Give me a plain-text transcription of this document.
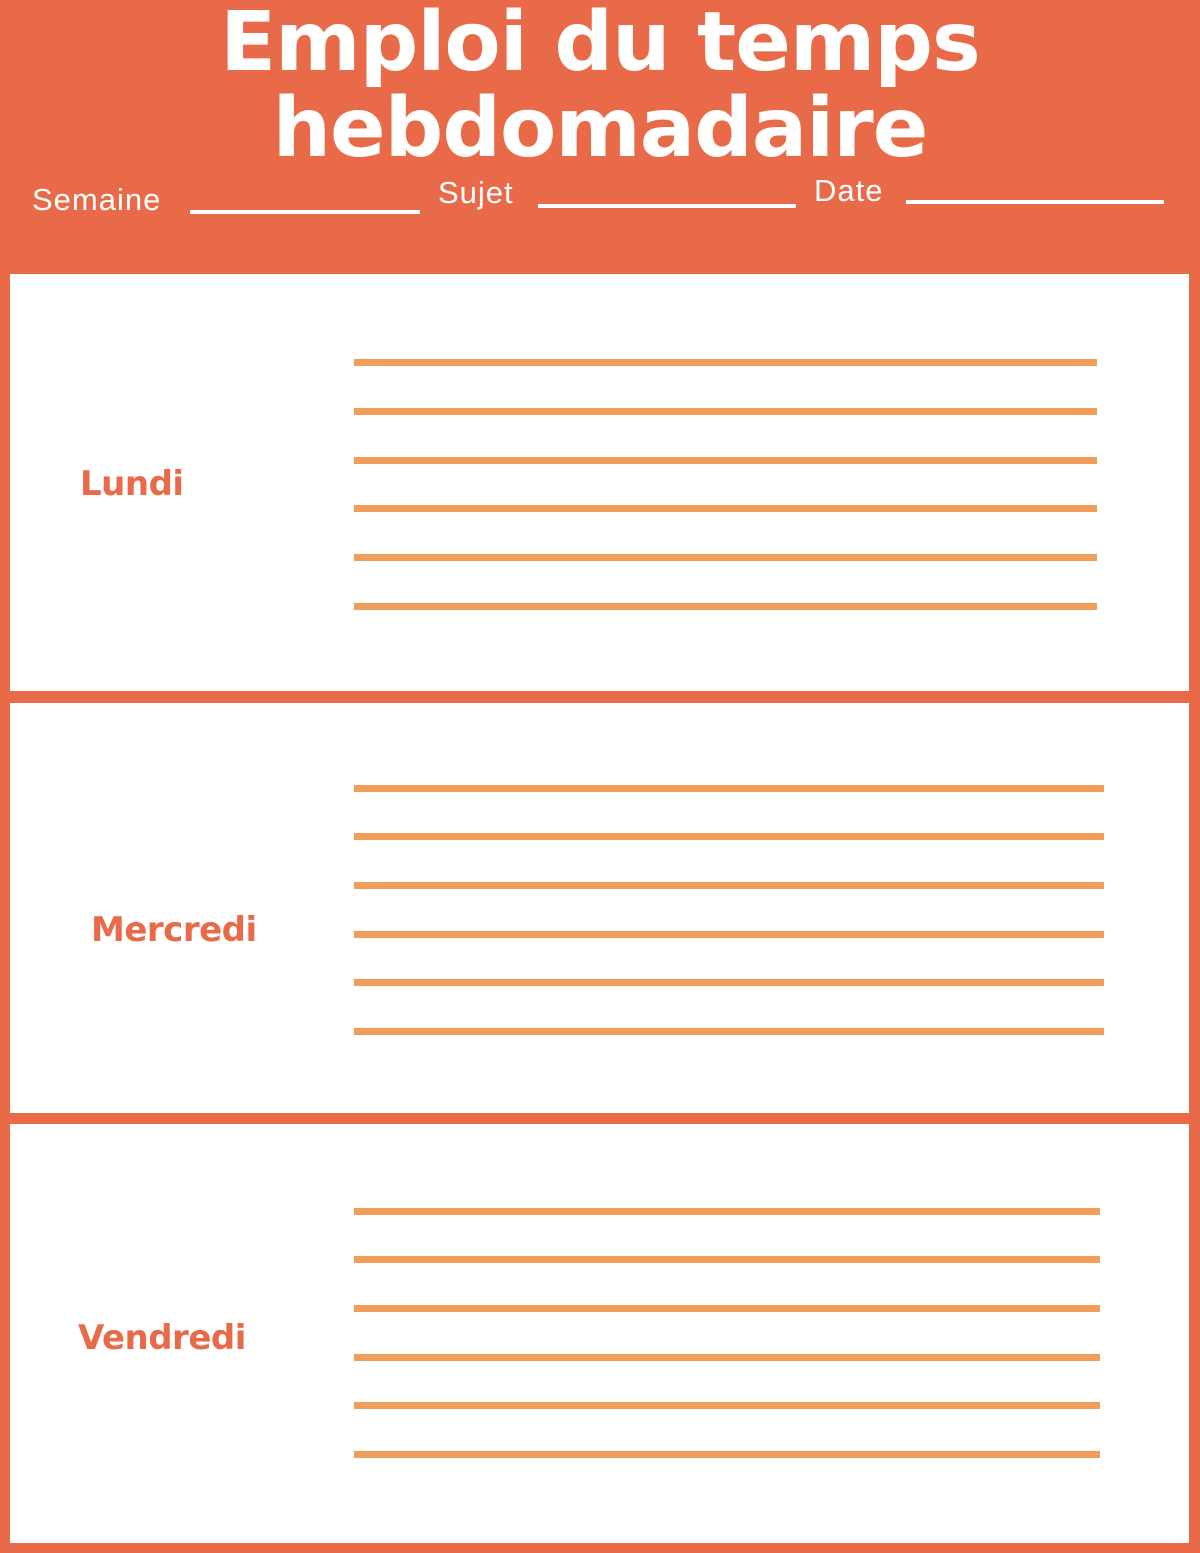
Emploi du temps
hebdomadaire
Semaine	Sujet	Date
Lundi
Mercredi
Vendredi
